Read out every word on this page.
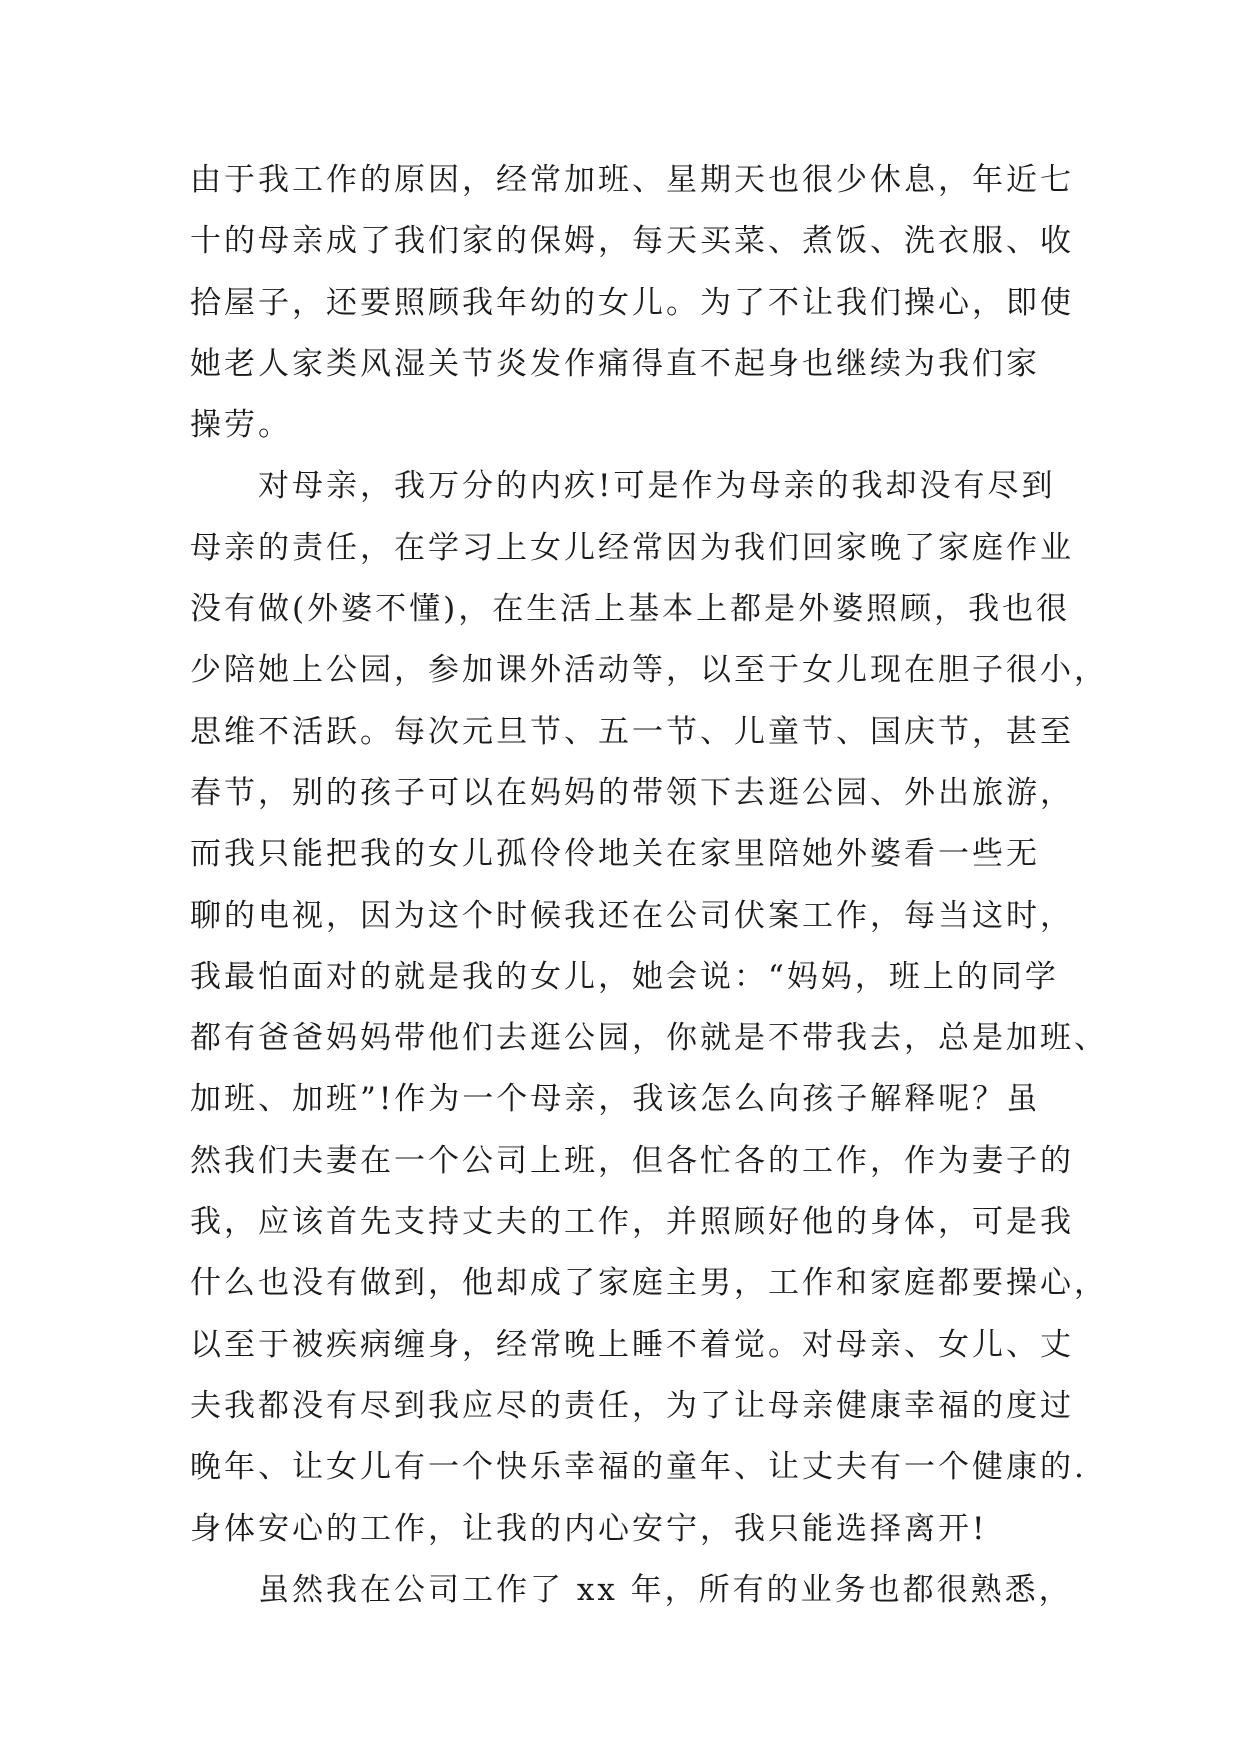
由于我工作的原因，经常加班、星期天也很少休息，年近七
十的母亲成了我们家的保姆，每天买菜、煮饭、洗衣服、收
拾屋子，还要照顾我年幼的女儿。为了不让我们操心，即使
她老人家类风湿关节炎发作痛得直不起身也继续为我们家
操劳。
　　对母亲，我万分的内疚!可是作为母亲的我却没有尽到
母亲的责任，在学习上女儿经常因为我们回家晚了家庭作业
没有做(外婆不懂)，在生活上基本上都是外婆照顾，我也很
少陪她上公园，参加课外活动等，以至于女儿现在胆子很小，
思维不活跃。每次元旦节、五一节、儿童节、国庆节，甚至
春节，别的孩子可以在妈妈的带领下去逛公园、外出旅游，
而我只能把我的女儿孤伶伶地关在家里陪她外婆看一些无
聊的电视，因为这个时候我还在公司伏案工作，每当这时，
我最怕面对的就是我的女儿，她会说：“妈妈，班上的同学
都有爸爸妈妈带他们去逛公园，你就是不带我去，总是加班、
加班、加班”!作为一个母亲，我该怎么向孩子解释呢？虽
然我们夫妻在一个公司上班，但各忙各的工作，作为妻子的
我，应该首先支持丈夫的工作，并照顾好他的身体，可是我
什么也没有做到，他却成了家庭主男，工作和家庭都要操心，
以至于被疾病缠身，经常晚上睡不着觉。对母亲、女儿、丈
夫我都没有尽到我应尽的责任，为了让母亲健康幸福的度过
晚年、让女儿有一个快乐幸福的童年、让丈夫有一个健康的.
身体安心的工作，让我的内心安宁，我只能选择离开!
　　虽然我在公司工作了 xx 年，所有的业务也都很熟悉，
